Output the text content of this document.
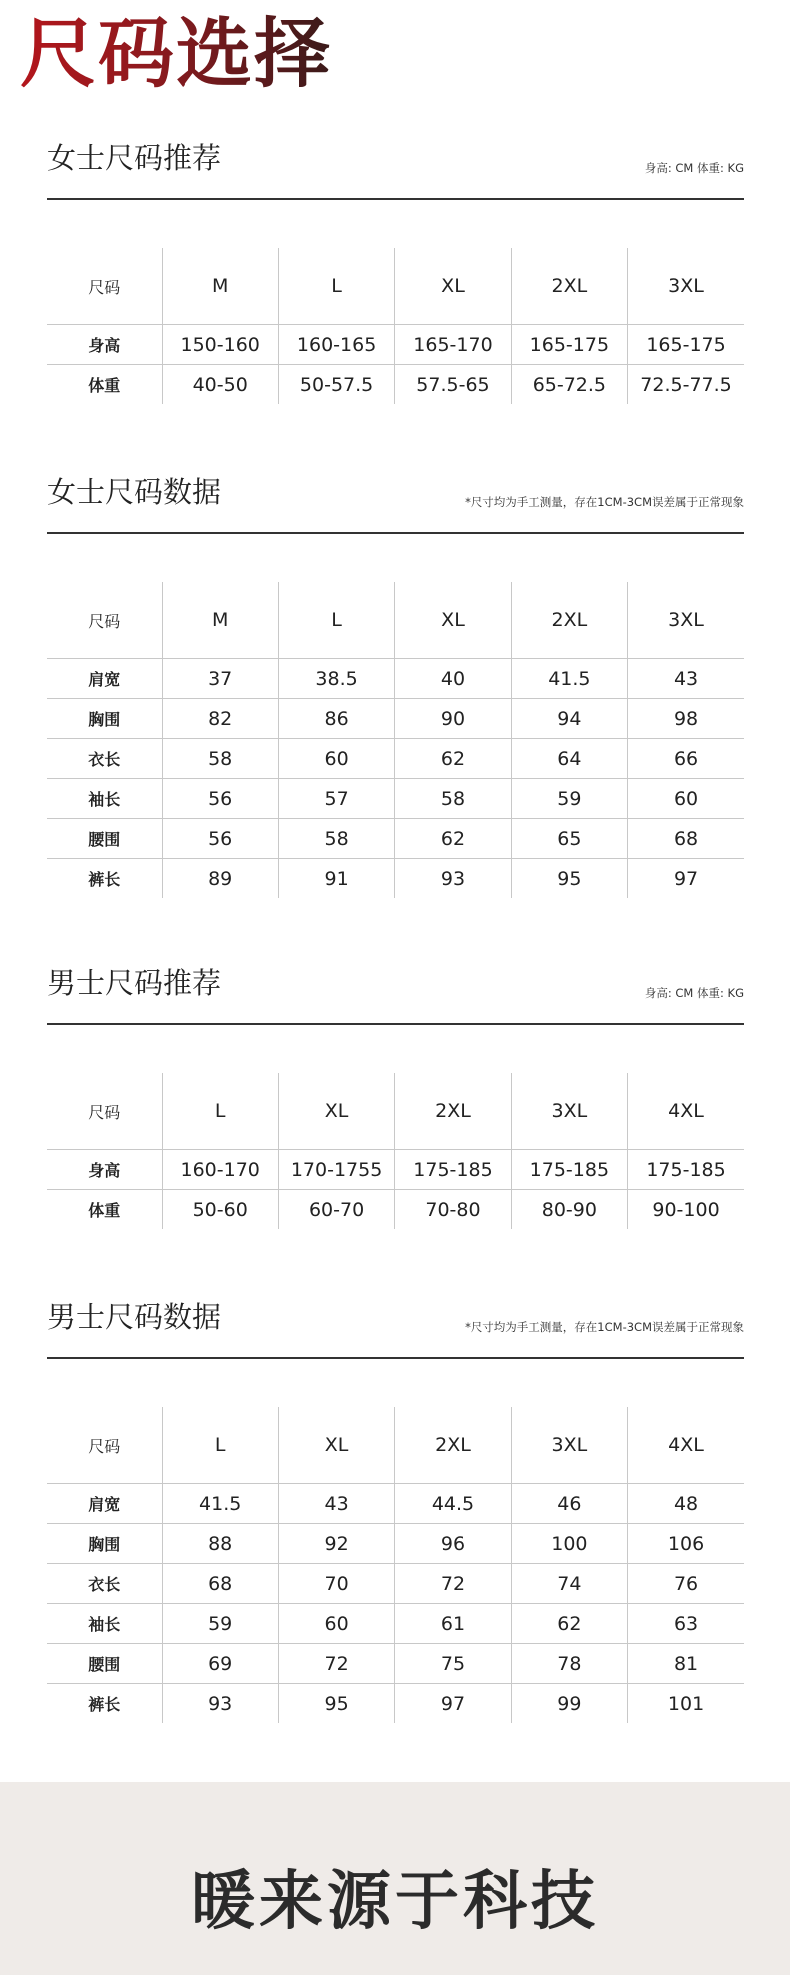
尺码选择
女士尺码推荐	身高: CM 体重: KG
尺码	M	L	XL	2XL	3XL
身高	150-160	160-165	165-170	165-175	165-175
体重	40-50	50-57.5	57.5-65	65-72.5	72.5-77.5
女士尺码数据	*尺寸均为手工测量，存在1CM-3CM误差属于正常现象
尺码	M	L	XL	2XL	3XL
肩宽	37	38.5	40	41.5	43
胸围	82	86	90	94	98
衣长	58	60	62	64	66
袖长	56	57	58	59	60
腰围	56	58	62	65	68
裤长	89	91	93	95	97
男士尺码推荐	身高: CM 体重: KG
尺码	L	XL	2XL	3XL	4XL
身高	160-170	170-1755	175-185	175-185	175-185
体重	50-60	60-70	70-80	80-90	90-100
男士尺码数据	*尺寸均为手工测量，存在1CM-3CM误差属于正常现象
尺码	L	XL	2XL	3XL	4XL
肩宽	41.5	43	44.5	46	48
胸围	88	92	96	100	106
衣长	68	70	72	74	76
袖长	59	60	61	62	63
腰围	69	72	75	78	81
裤长	93	95	97	99	101
暖来源于科技
